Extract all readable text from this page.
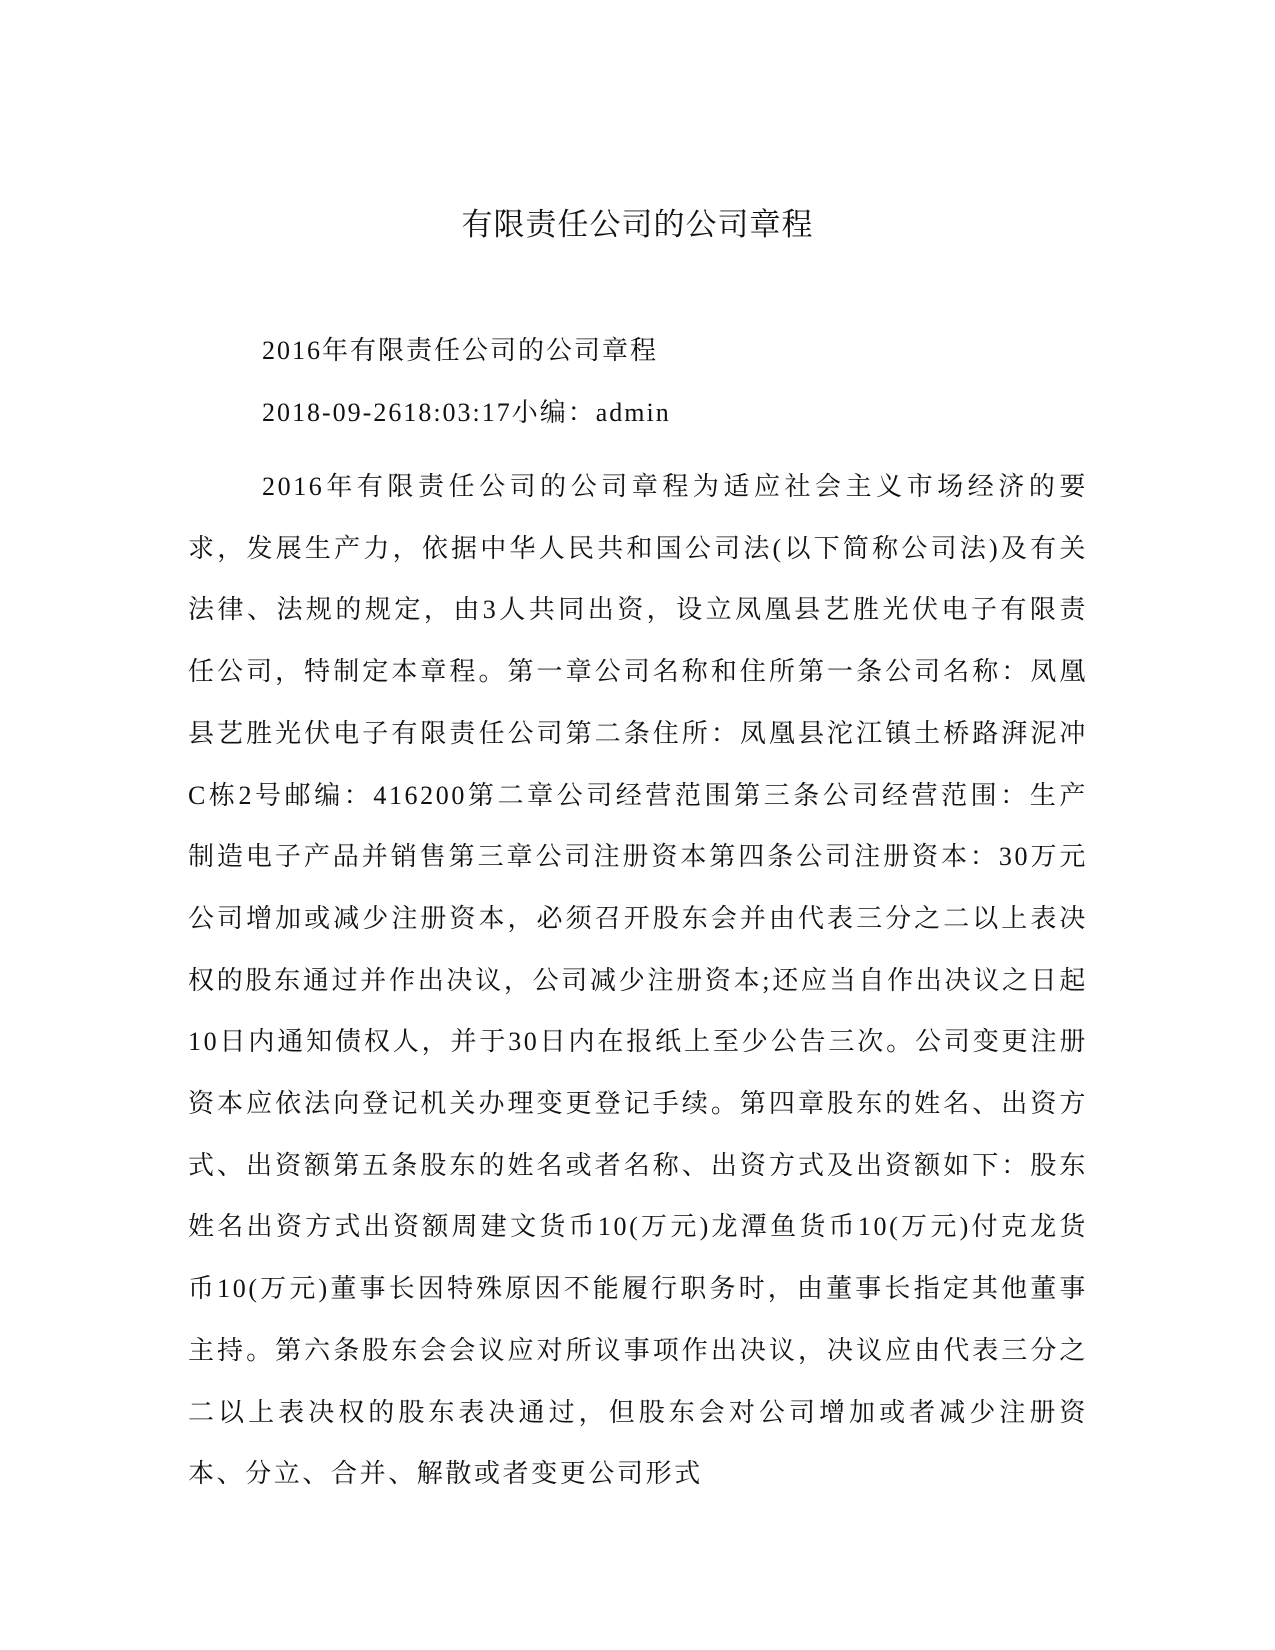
有限责任公司的公司章程
2016年有限责任公司的公司章程
2018-09-2618:03:17小编：admin

2016年有限责任公司的公司章程为适应社会主义市场经济的要求，发展生产力，依据中华人民共和国公司法(以下简称公司法)及有关法律、法规的规定，由3人共同出资，设立凤凰县艺胜光伏电子有限责任公司，特制定本章程。第一章公司名称和住所第一条公司名称：凤凰县艺胜光伏电子有限责任公司第二条住所：凤凰县沱江镇土桥路湃泥冲C栋2号邮编：416200第二章公司经营范围第三条公司经营范围：生产制造电子产品并销售第三章公司注册资本第四条公司注册资本：30万元公司增加或减少注册资本，必须召开股东会并由代表三分之二以上表决权的股东通过并作出决议，公司减少注册资本;还应当自作出决议之日起10日内通知债权人，并于30日内在报纸上至少公告三次。公司变更注册资本应依法向登记机关办理变更登记手续。第四章股东的姓名、出资方式、出资额第五条股东的姓名或者名称、出资方式及出资额如下：股东姓名出资方式出资额周建文货币10(万元)龙潭鱼货币10(万元)付克龙货币10(万元)董事长因特殊原因不能履行职务时，由董事长指定其他董事主持。第六条股东会会议应对所议事项作出决议，决议应由代表三分之二以上表决权的股东表决通过，但股东会对公司增加或者减少注册资本、分立、合并、解散或者变更公司形式
